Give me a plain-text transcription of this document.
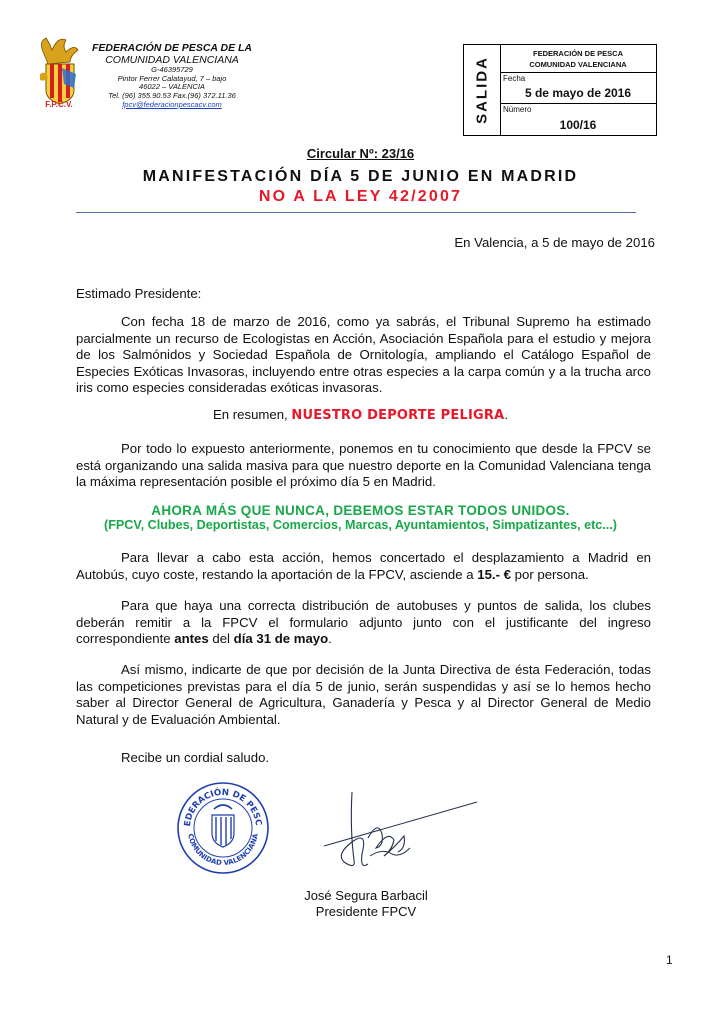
F.P.C.V.
FEDERACIÓN DE PESCA DE LA
COMUNIDAD VALENCIANA
G-46395729
Pintor Ferrer Calatayud, 7 – bajo
46022 – VALENCIA
Tel. (96) 355.90.53 Fax.(96) 372.11.36
fpcv@federacionpescacv.com	SALIDA
FEDERACIÓN DE PESCA
COMUNIDAD VALENCIANA
Fecha
5 de mayo de 2016
Número
100/16
Circular Nº: 23/16
MANIFESTACIÓN DÍA 5 DE JUNIO EN MADRID
NO A LA LEY 42/2007
En Valencia, a 5 de mayo de 2016
Estimado Presidente:
Con fecha 18 de marzo de 2016, como ya sabrás, el Tribunal Supremo ha estimado parcialmente un recurso de Ecologistas en Acción, Asociación Española para el estudio y mejora de los Salmónidos y Sociedad Española de Ornitología, ampliando el Catálogo Español de Especies Exóticas Invasoras, incluyendo entre otras especies a la carpa común y a la trucha arco iris como especies consideradas exóticas invasoras.
En resumen, NUESTRO DEPORTE PELIGRA.
Por todo lo expuesto anteriormente, ponemos en tu conocimiento que desde la FPCV se está organizando una salida masiva para que nuestro deporte en la Comunidad Valenciana tenga la máxima representación posible el próximo día 5 en Madrid.
AHORA MÁS QUE NUNCA, DEBEMOS ESTAR TODOS UNIDOS.
(FPCV, Clubes, Deportistas, Comercios, Marcas, Ayuntamientos, Simpatizantes, etc...)
Para llevar a cabo esta acción, hemos concertado el desplazamiento a Madrid en Autobús, cuyo coste, restando la aportación de la FPCV, asciende a 15.- € por persona.
Para que haya una correcta distribución de autobuses y puntos de salida, los clubes deberán remitir a la FPCV el formulario adjunto junto con el justificante del ingreso correspondiente antes del día 31 de mayo.
Así mismo, indicarte de que por decisión de la Junta Directiva de ésta Federación, todas las competiciones previstas para el día 5 de junio, serán suspendidas y así se lo hemos hecho saber al Director General de Agricultura, Ganadería y Pesca y al Director General de Medio Natural y de Evaluación Ambiental.
Recibe un cordial saludo.
EDERACIÓN DE PESC
COMUNIDAD VALENCIANA
José Segura Barbacil
Presidente FPCV
1
